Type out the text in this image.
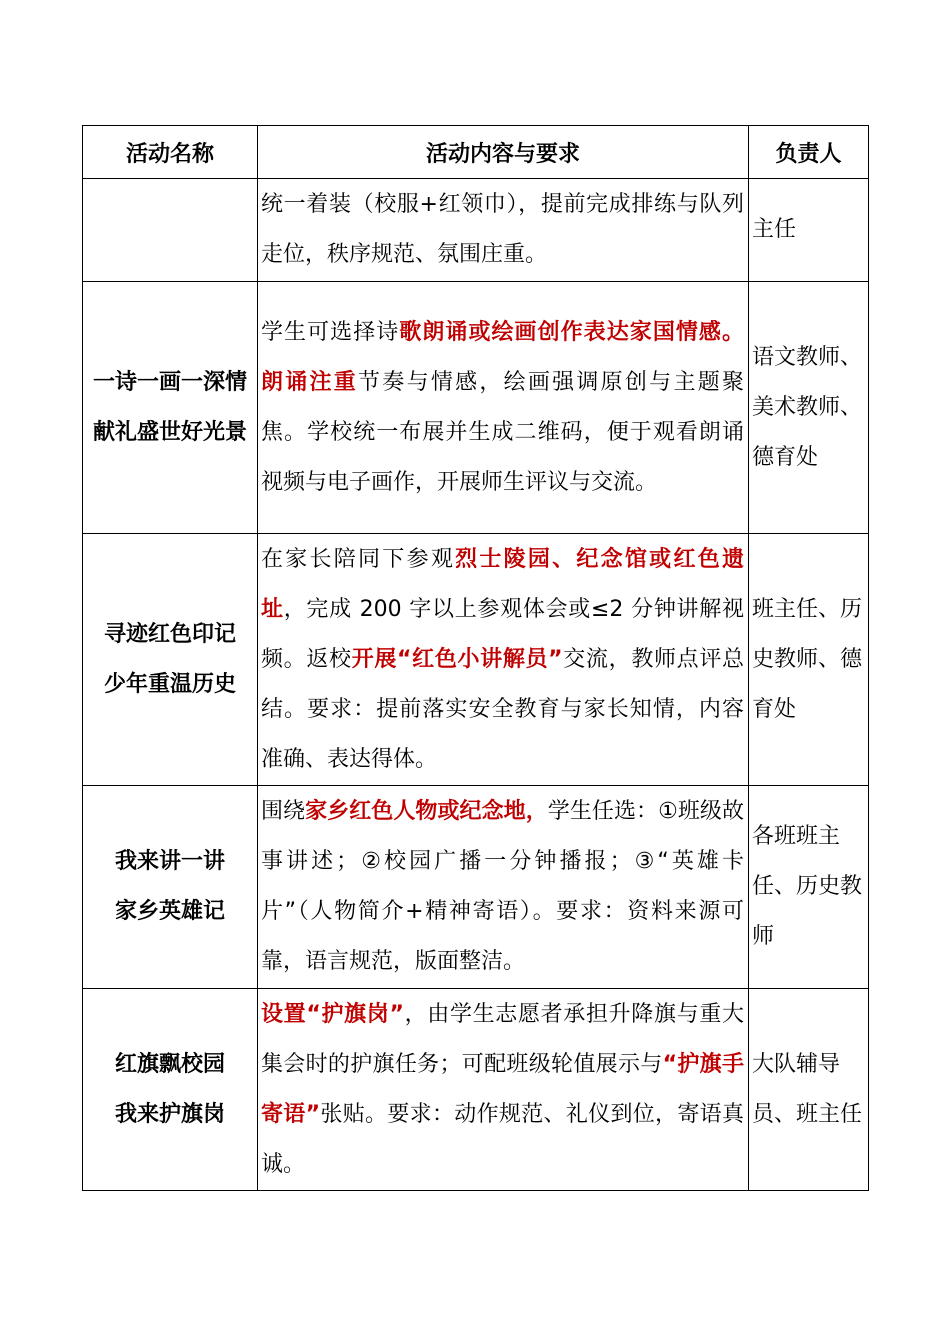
活动名称	活动内容与要求	负责人

	统一着装（校服+红领巾），提前完成排练与队列走位，秩序规范、氛围庄重。	主任

一诗一画一深情
献礼盛世好光景	学生可选择诗歌朗诵或绘画创作表达家国情感。朗诵注重节奏与情感，绘画强调原创与主题聚焦。学校统一布展并生成二维码，便于观看朗诵视频与电子画作，开展师生评议与交流。	语文教师、美术教师、德育处

寻迹红色印记
少年重温历史	在家长陪同下参观烈士陵园、纪念馆或红色遗址，完成 200 字以上参观体会或≤2 分钟讲解视频。返校开展“红色小讲解员”交流，教师点评总结。要求：提前落实安全教育与家长知情，内容准确、表达得体。	班主任、历史教师、德育处

我来讲一讲
家乡英雄记	围绕家乡红色人物或纪念地，学生任选：①班级故事讲述；②校园广播一分钟播报；③“英雄卡片”（人物简介+精神寄语）。要求：资料来源可靠，语言规范，版面整洁。	各班班主任、历史教师

红旗飘校园
我来护旗岗	设置“护旗岗”，由学生志愿者承担升降旗与重大集会时的护旗任务；可配班级轮值展示与“护旗手寄语”张贴。要求：动作规范、礼仪到位，寄语真诚。	大队辅导员、班主任
